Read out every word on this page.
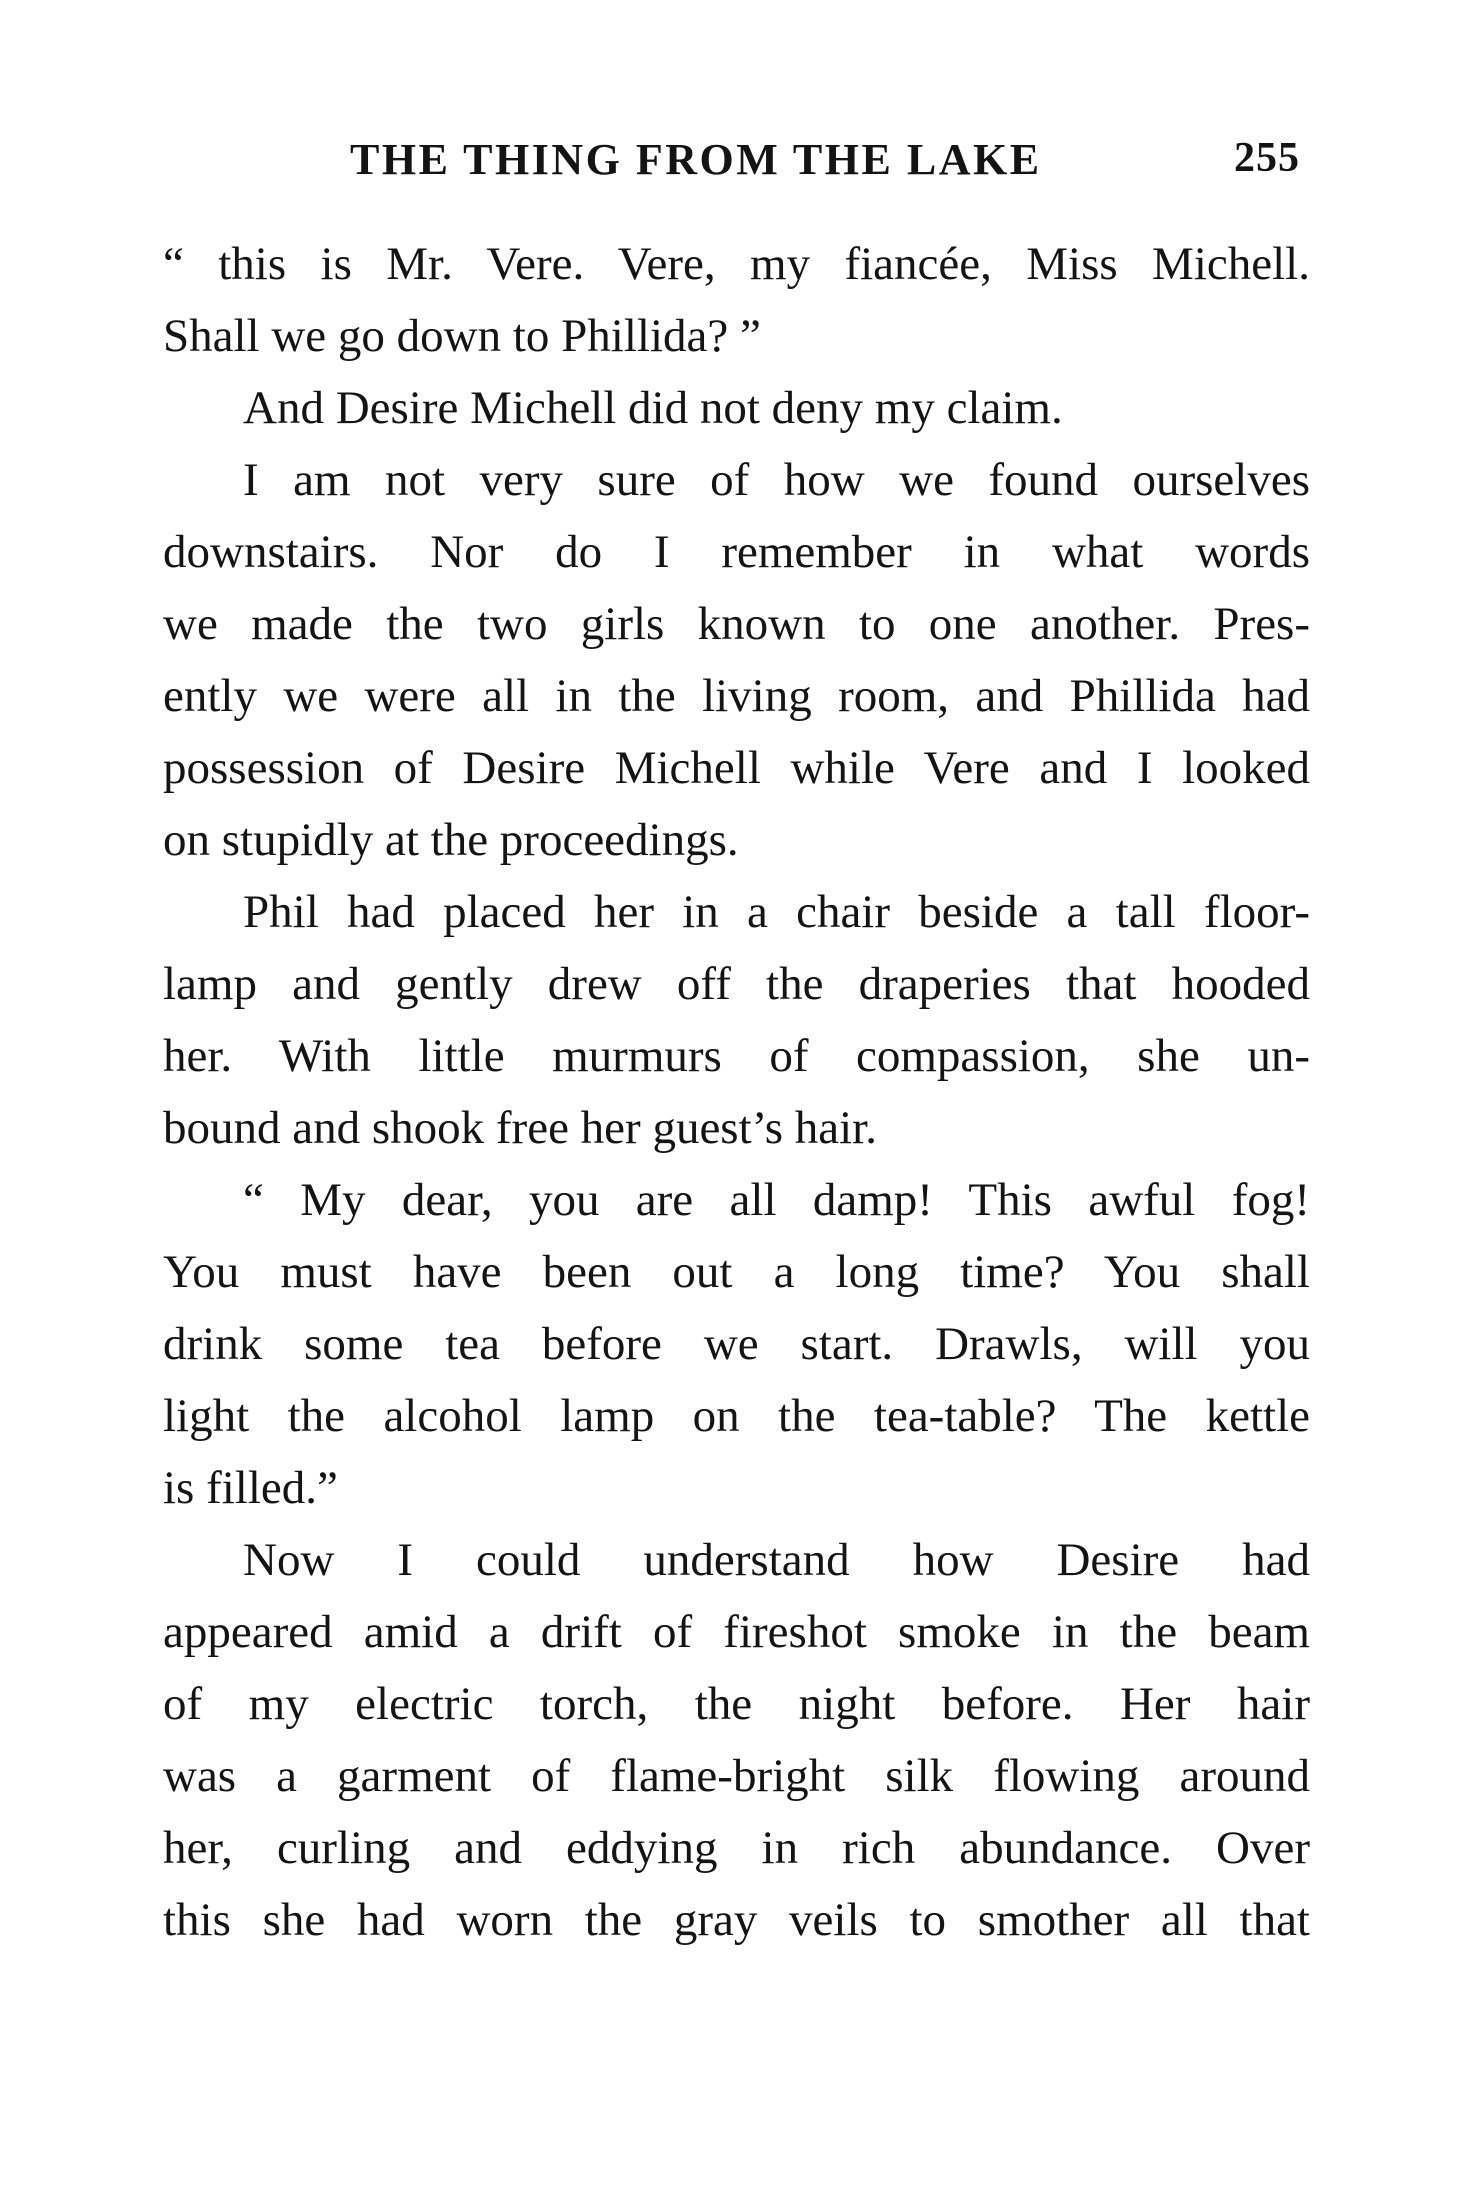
THE THING FROM THE LAKE	255
“ this is Mr. Vere. Vere, my fiancée, Miss Michell.
Shall we go down to Phillida? ”
And Desire Michell did not deny my claim.
I am not very sure of how we found ourselves
downstairs. Nor do I remember in what words
we made the two girls known to one another. Pres-
ently we were all in the living room, and Phillida had
possession of Desire Michell while Vere and I looked
on stupidly at the proceedings.
Phil had placed her in a chair beside a tall floor-
lamp and gently drew off the draperies that hooded
her. With little murmurs of compassion, she un-
bound and shook free her guest’s hair.
“ My dear, you are all damp! This awful fog!
You must have been out a long time? You shall
drink some tea before we start. Drawls, will you
light the alcohol lamp on the tea-table? The kettle
is filled.”
Now I could understand how Desire had
appeared amid a drift of fireshot smoke in the beam
of my electric torch, the night before. Her hair
was a garment of flame-bright silk flowing around
her, curling and eddying in rich abundance. Over
this she had worn the gray veils to smother all that
